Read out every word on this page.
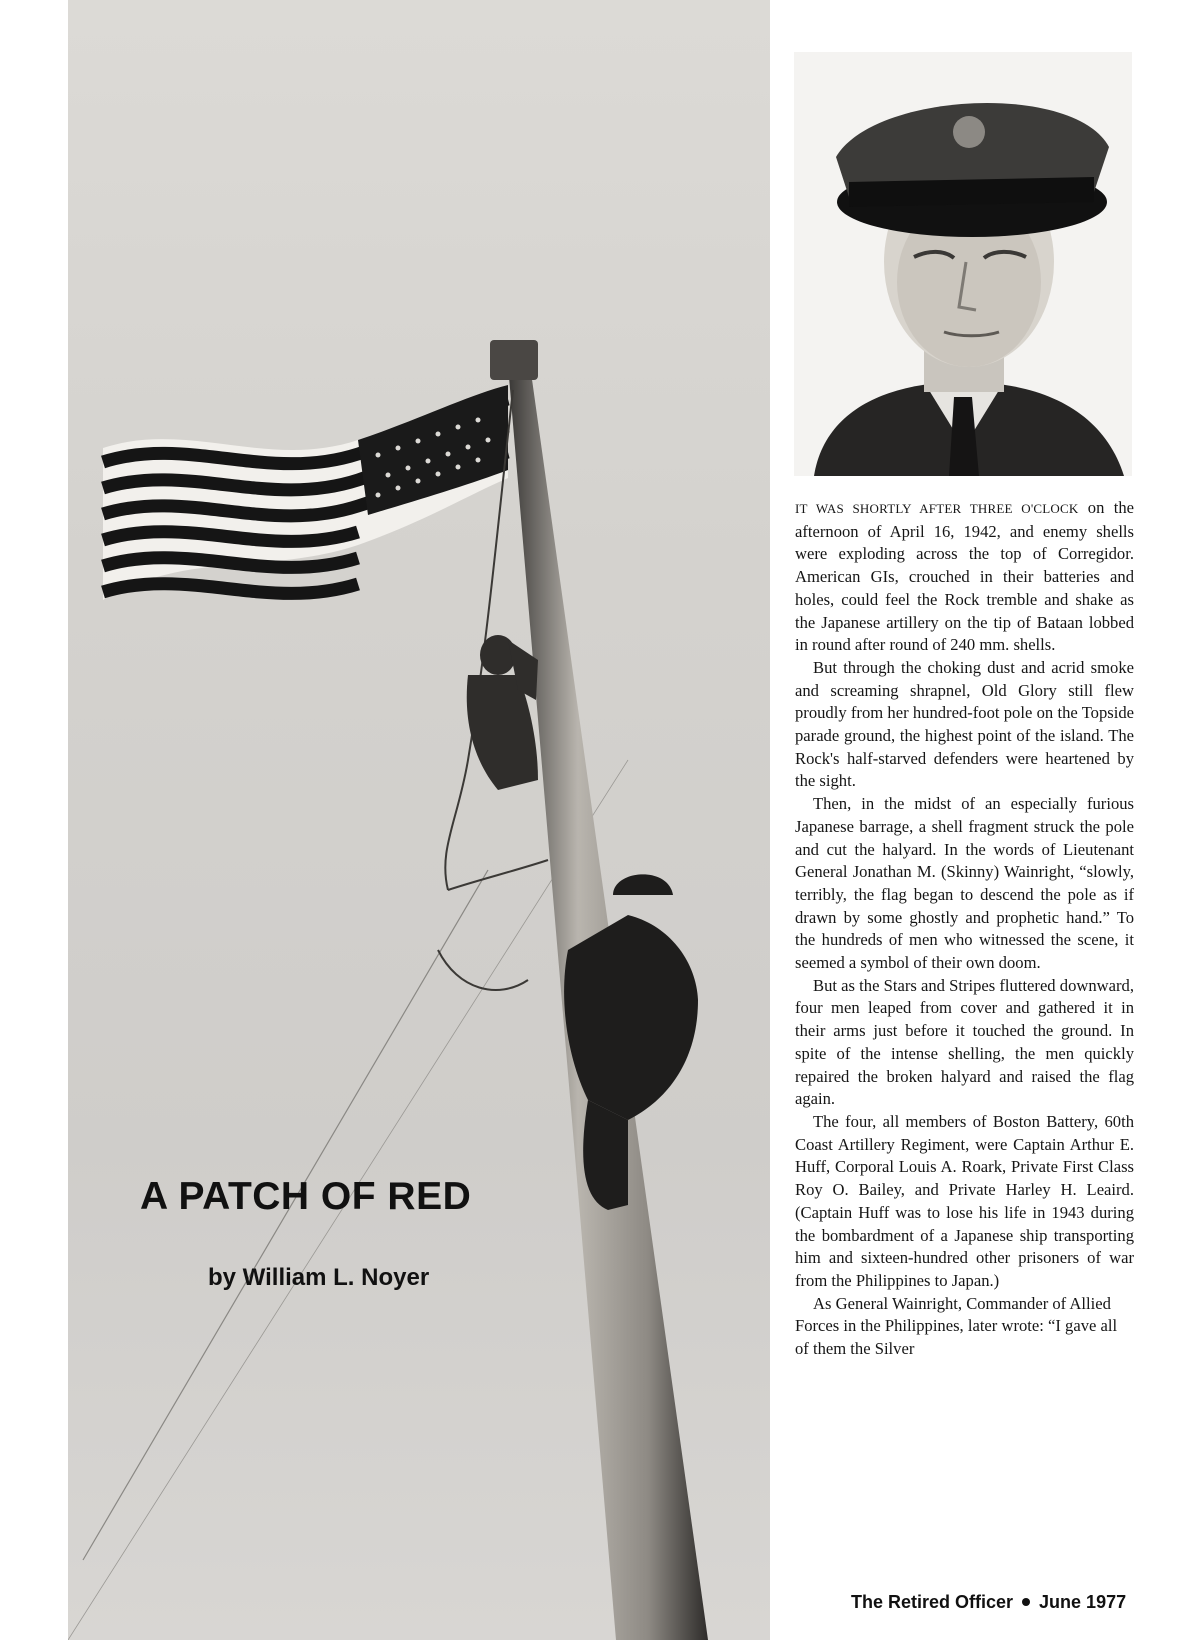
A PATCH OF RED
by William L. Noyer

IT WAS SHORTLY AFTER THREE O'CLOCK on the afternoon of April 16, 1942, and enemy shells were exploding across the top of Corregidor. American GIs, crouched in their batteries and holes, could feel the Rock tremble and shake as the Japanese artillery on the tip of Bataan lobbed in round after round of 240 mm. shells.

But through the choking dust and acrid smoke and screaming shrapnel, Old Glory still flew proudly from her hundred-foot pole on the Topside parade ground, the highest point of the island. The Rock's half-starved defenders were heartened by the sight.

Then, in the midst of an especially furious Japanese barrage, a shell fragment struck the pole and cut the halyard. In the words of Lieutenant General Jonathan M. (Skinny) Wainright, “slowly, terribly, the flag began to descend the pole as if drawn by some ghostly and prophetic hand.” To the hundreds of men who witnessed the scene, it seemed a symbol of their own doom.

But as the Stars and Stripes fluttered downward, four men leaped from cover and gathered it in their arms just before it touched the ground. In spite of the intense shelling, the men quickly repaired the broken halyard and raised the flag again.

The four, all members of Boston Battery, 60th Coast Artillery Regiment, were Captain Arthur E. Huff, Corporal Louis A. Roark, Private First Class Roy O. Bailey, and Private Harley H. Leaird. (Captain Huff was to lose his life in 1943 during the bombardment of a Japanese ship transporting him and sixteen-hundred other prisoners of war from the Philippines to Japan.)

As General Wainright, Commander of Allied Forces in the Philippines, later wrote: “I gave all of them the Silver

The Retired Officer June 1977
